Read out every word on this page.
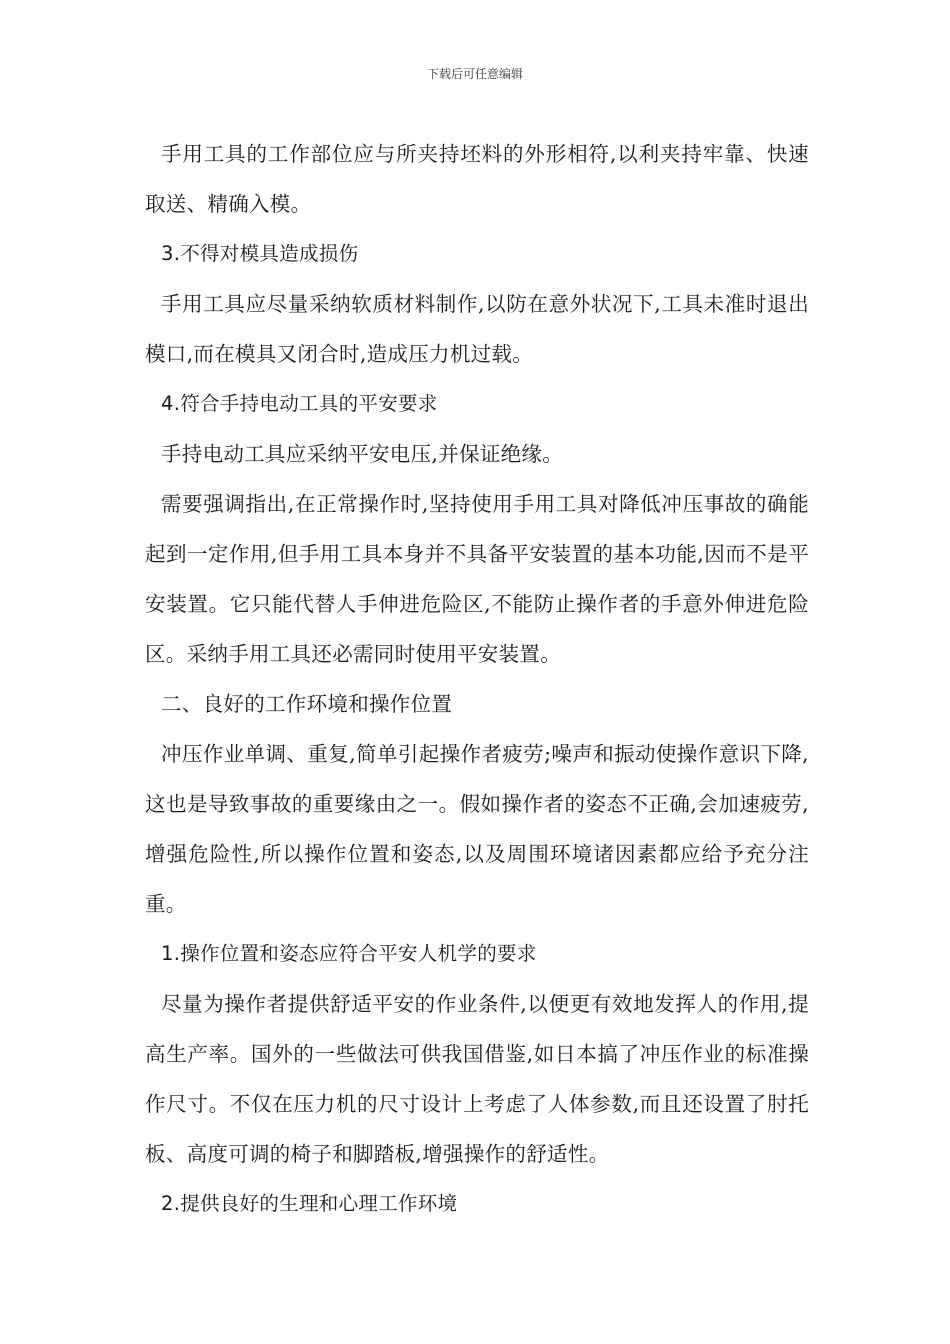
下载后可任意编辑

手用工具的工作部位应与所夹持坯料的外形相符,以利夹持牢靠、快速取送、精确入模。

3.不得对模具造成损伤

手用工具应尽量采纳软质材料制作,以防在意外状况下,工具未准时退出模口,而在模具又闭合时,造成压力机过载。

4.符合手持电动工具的平安要求

手持电动工具应采纳平安电压,并保证绝缘。

需要强调指出,在正常操作时,坚持使用手用工具对降低冲压事故的确能起到一定作用,但手用工具本身并不具备平安装置的基本功能,因而不是平安装置。它只能代替人手伸进危险区,不能防止操作者的手意外伸进危险区。采纳手用工具还必需同时使用平安装置。

二、良好的工作环境和操作位置

冲压作业单调、重复,简单引起操作者疲劳;噪声和振动使操作意识下降,这也是导致事故的重要缘由之一。假如操作者的姿态不正确,会加速疲劳,增强危险性,所以操作位置和姿态,以及周围环境诸因素都应给予充分注重。

1.操作位置和姿态应符合平安人机学的要求

尽量为操作者提供舒适平安的作业条件,以便更有效地发挥人的作用,提高生产率。国外的一些做法可供我国借鉴,如日本搞了冲压作业的标准操作尺寸。不仅在压力机的尺寸设计上考虑了人体参数,而且还设置了肘托板、高度可调的椅子和脚踏板,增强操作的舒适性。

2.提供良好的生理和心理工作环境
